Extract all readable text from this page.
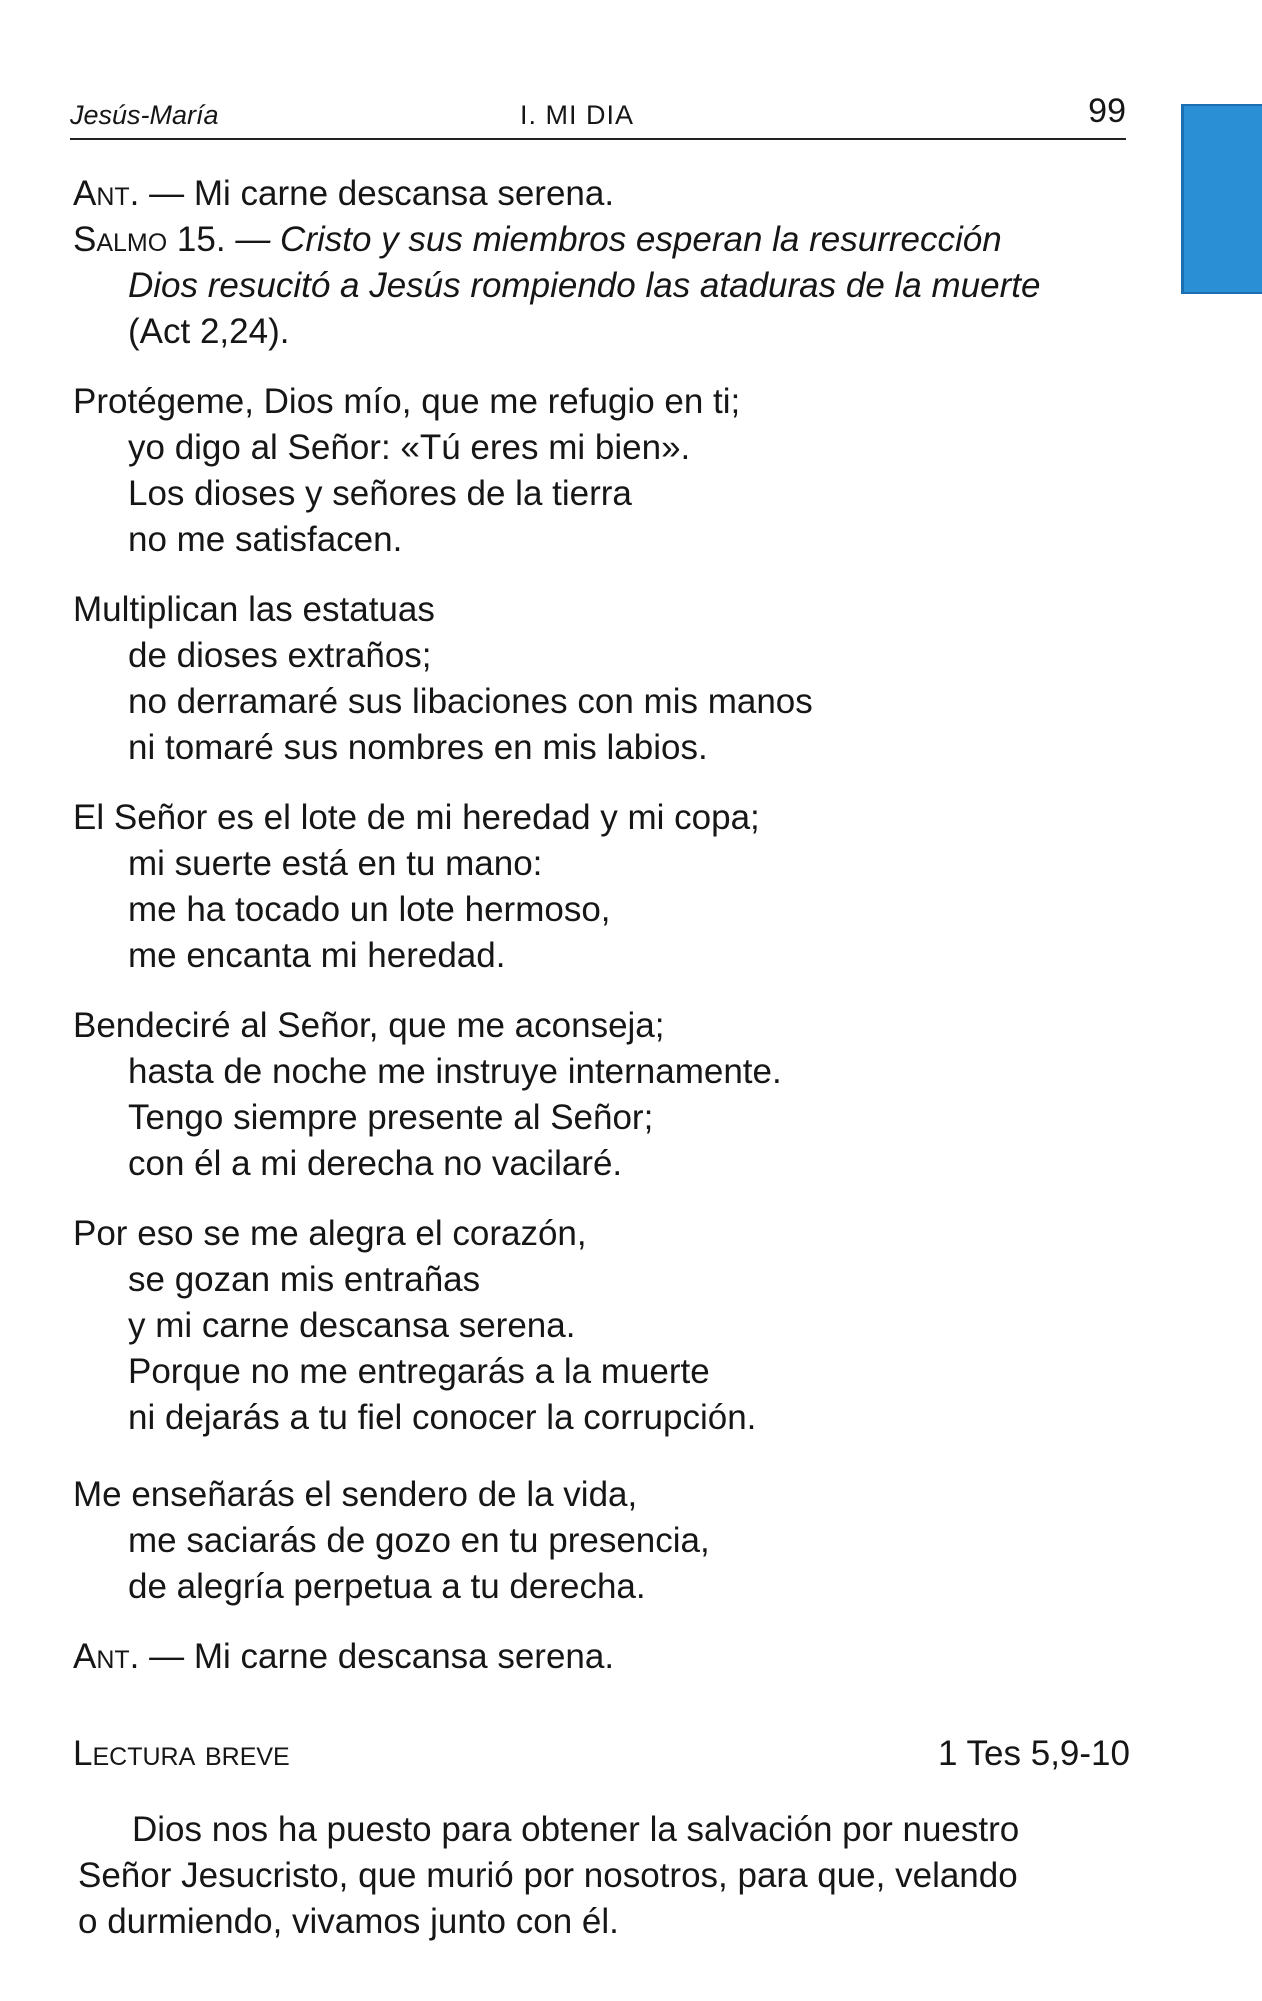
Jesús-María	I. MI DIA	99
Ant. — Mi carne descansa serena.
Salmo 15. — Cristo y sus miembros esperan la resurrección
Dios resucitó a Jesús rompiendo las ataduras de la muerte
(Act 2,24).
Protégeme, Dios mío, que me refugio en ti;
yo digo al Señor: «Tú eres mi bien».
Los dioses y señores de la tierra
no me satisfacen.
Multiplican las estatuas
de dioses extraños;
no derramaré sus libaciones con mis manos
ni tomaré sus nombres en mis labios.
El Señor es el lote de mi heredad y mi copa;
mi suerte está en tu mano:
me ha tocado un lote hermoso,
me encanta mi heredad.
Bendeciré al Señor, que me aconseja;
hasta de noche me instruye internamente.
Tengo siempre presente al Señor;
con él a mi derecha no vacilaré.
Por eso se me alegra el corazón,
se gozan mis entrañas
y mi carne descansa serena.
Porque no me entregarás a la muerte
ni dejarás a tu fiel conocer la corrupción.
Me enseñarás el sendero de la vida,
me saciarás de gozo en tu presencia,
de alegría perpetua a tu derecha.
Ant. — Mi carne descansa serena.
Lectura breve	1 Tes 5,9-10
Dios nos ha puesto para obtener la salvación por nuestro
Señor Jesucristo, que murió por nosotros, para que, velando
o durmiendo, vivamos junto con él.
